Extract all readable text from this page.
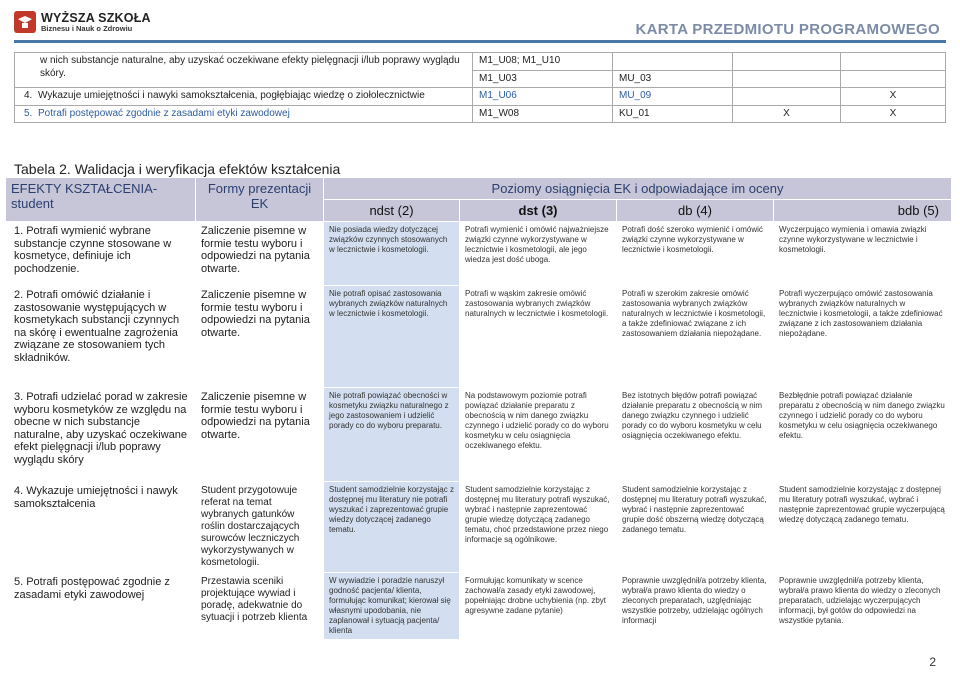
WYŻSZA SZKOŁA
Biznesu i Nauk o Zdrowiu	KARTA PRZEDMIOTU PROGRAMOWEGO
w nich substancje naturalne, aby uzyskać oczekiwane efekty pielęgnacji i/lub poprawy wyglądu skóry.	M1_U08; M1_U10			
	M1_U03	MU_03		
4. Wykazuje umiejętności i nawyki samokształcenia, pogłębiając wiedzę o ziołolecznictwie	M1_U06	MU_09		X
5. Potrafi postępować zgodnie z zasadami etyki zawodowej	M1_W08	KU_01	X	X
Tabela 2. Walidacja i weryfikacja efektów kształcenia
EFEKTY KSZTAŁCENIA- student	Formy prezentacji EK	Poziomy osiągnięcia EK i odpowiadające im oceny			
		ndst (2)	dst (3)	db (4)	bdb (5)
1. Potrafi wymienić wybrane substancje czynne stosowane w kosmetyce, definiuje ich pochodzenie.	Zaliczenie pisemne w formie testu wyboru i odpowiedzi na pytania otwarte.	Nie posiada wiedzy dotyczącej związków czynnych stosowanych w lecznictwie i kosmetologii.	Potrafi wymienić i omówić najważniejsze związki czynne wykorzystywane w lecznictwie i kosmetologii, ale jego wiedza jest dość uboga.	Potrafi dość szeroko wymienić i omówić związki czynne wykorzystywane w lecznictwie i kosmetologii.	Wyczerpująco wymienia i omawia związki czynne wykorzystywane w lecznictwie i kosmetologii.
2. Potrafi omówić działanie i zastosowanie występujących w kosmetykach substancji czynnych na skórę i ewentualne zagrożenia związane ze stosowaniem tych składników.	Zaliczenie pisemne w formie testu wyboru i odpowiedzi na pytania otwarte.	Nie potrafi opisać zastosowania wybranych związków naturalnych w lecznictwie i kosmetologii.	Potrafi w wąskim zakresie omówić zastosowania wybranych związków naturalnych w lecznictwie i kosmetologii.	Potrafi w szerokim zakresie omówić zastosowania wybranych związków naturalnych w lecznictwie i kosmetologii, a także zdefiniować związane z ich zastosowaniem działania niepożądane.	Potrafi wyczerpująco omówić zastosowania wybranych związków naturalnych w lecznictwie i kosmetologii, a także zdefiniować związane z ich zastosowaniem działania niepożądane.
3. Potrafi udzielać porad w zakresie wyboru kosmetyków ze względu na obecne w nich substancje naturalne, aby uzyskać oczekiwane efekt pielęgnacji i/lub poprawy wyglądu skóry	Zaliczenie pisemne w formie testu wyboru i odpowiedzi na pytania otwarte.	Nie potrafi powiązać obecności w kosmetyku związku naturalnego z jego zastosowaniem i udzielić porady co do wyboru preparatu.	Na podstawowym poziomie potrafi powiązać działanie preparatu z obecnością w nim danego związku czynnego i udzielić porady co do wyboru kosmetyku w celu osiągnięcia oczekiwanego efektu.	Bez istotnych błędów potrafi powiązać działanie preparatu z obecnością w nim danego związku czynnego i udzielić porady co do wyboru kosmetyku w celu osiągnięcia oczekiwanego efektu.	Bezbłędnie potrafi powiązać działanie preparatu z obecnością w nim danego związku czynnego i udzielić porady co do wyboru kosmetyku w celu osiągnięcia oczekiwanego efektu.
4. Wykazuje umiejętności i nawyk samokształcenia	Student przygotowuje referat na temat wybranych gatunków roślin dostarczających surowców leczniczych wykorzystywanych w kosmetologii.	Student samodzielnie korzystając z dostępnej mu literatury nie potrafi wyszukać i zaprezentować grupie wiedzy dotyczącej zadanego tematu.	Student samodzielnie korzystając z dostępnej mu literatury potrafi wyszukać, wybrać i następnie zaprezentować grupie wiedzę dotyczącą zadanego tematu, choć przedstawione przez niego informacje są ogólnikowe.	Student samodzielnie korzystając z dostępnej mu literatury potrafi wyszukać, wybrać i następnie zaprezentować grupie dość obszerną wiedzę dotyczącą zadanego tematu.	Student samodzielnie korzystając z dostępnej mu literatury potrafi wyszukać, wybrać i następnie zaprezentować grupie wyczerpującą wiedzę dotyczącą zadanego tematu.
5. Potrafi postępować zgodnie z zasadami etyki zawodowej	Przestawia sceniki projektujące wywiad i poradę, adekwatnie do sytuacji i potrzeb klienta	W wywiadzie i poradzie naruszył godność pacjenta/ klienta, formułując komunikat; kierował się własnymi upodobania, nie zaplanował i sytuacją pacjenta/ klienta	Formułując komunikaty w scence zachował/a zasady etyki zawodowej, popełniając drobne uchybienia (np. zbyt agresywne zadane pytanie)	Poprawnie uwzględnił/a potrzeby klienta, wybrał/a prawo klienta do wiedzy o zleconych preparatach, uzględniając wszystkie potrzeby, udzielając ogólnych informacji	Poprawnie uwzględnił/a potrzeby klienta, wybrał/a prawo klienta do wiedzy o zleconych preparatach, udzielając wyczerpujących informacji, był gotów do odpowiedzi na wszystkie pytania.
2
